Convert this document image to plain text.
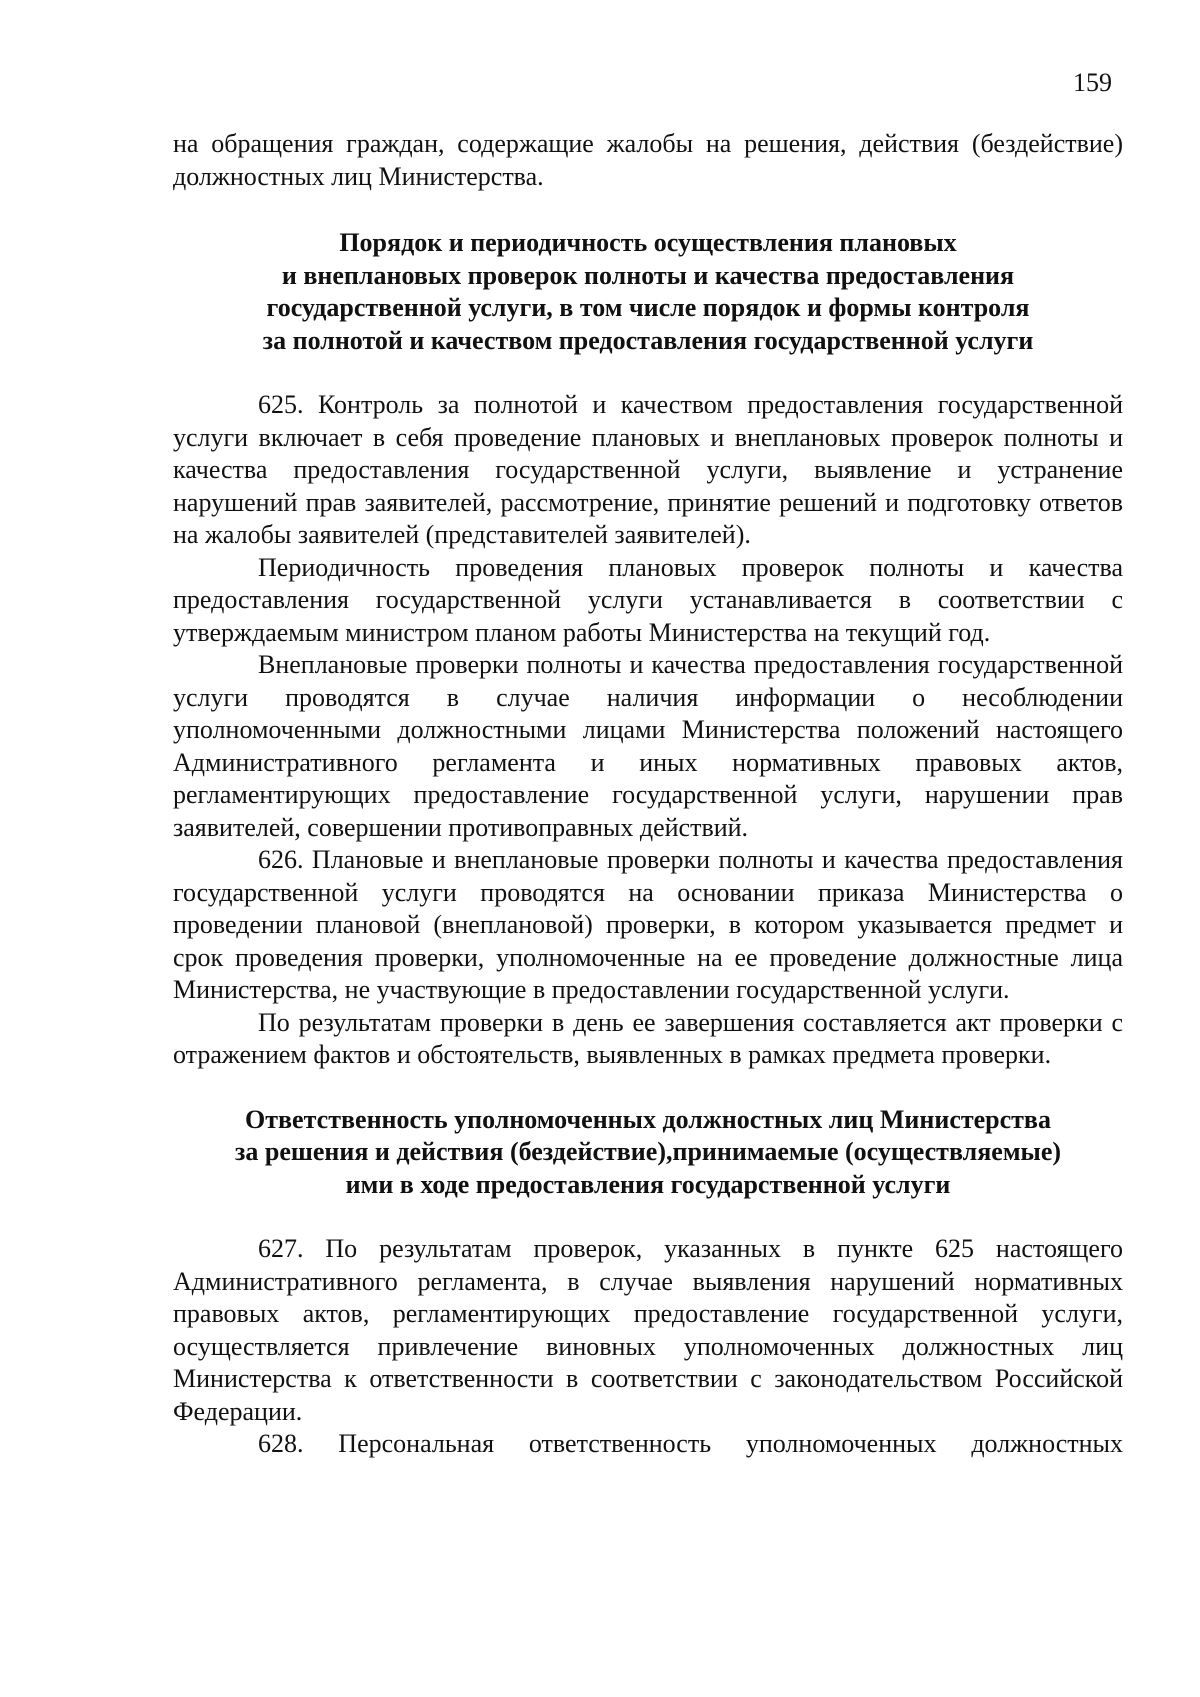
159

на обращения граждан, содержащие жалобы на решения, действия (бездействие) должностных лиц Министерства.

Порядок и периодичность осуществления плановых
и внеплановых проверок полноты и качества предоставления
государственной услуги, в том числе порядок и формы контроля
за полнотой и качеством предоставления государственной услуги

625. Контроль за полнотой и качеством предоставления государственной услуги включает в себя проведение плановых и внеплановых проверок полноты и качества предоставления государственной услуги, выявление и устранение нарушений прав заявителей, рассмотрение, принятие решений и подготовку ответов на жалобы заявителей (представителей заявителей).

Периодичность проведения плановых проверок полноты и качества предоставления государственной услуги устанавливается в соответствии с утверждаемым министром планом работы Министерства на текущий год.

Внеплановые проверки полноты и качества предоставления государственной услуги проводятся в случае наличия информации о несоблюдении уполномоченными должностными лицами Министерства положений настоящего Административного регламента и иных нормативных правовых актов, регламентирующих предоставление государственной услуги, нарушении прав заявителей, совершении противоправных действий.

626. Плановые и внеплановые проверки полноты и качества предоставления государственной услуги проводятся на основании приказа Министерства о проведении плановой (внеплановой) проверки, в котором указывается предмет и срок проведения проверки, уполномоченные на ее проведение должностные лица Министерства, не участвующие в предоставлении государственной услуги.

По результатам проверки в день ее завершения составляется акт проверки с отражением фактов и обстоятельств, выявленных в рамках предмета проверки.

Ответственность уполномоченных должностных лиц Министерства
за решения и действия (бездействие),принимаемые (осуществляемые)
ими в ходе предоставления государственной услуги

627. По результатам проверок, указанных в пункте 625 настоящего Административного регламента, в случае выявления нарушений нормативных правовых актов, регламентирующих предоставление государственной услуги, осуществляется привлечение виновных уполномоченных должностных лиц Министерства к ответственности в соответствии с законодательством Российской Федерации.

628. Персональная ответственность уполномоченных должностных
